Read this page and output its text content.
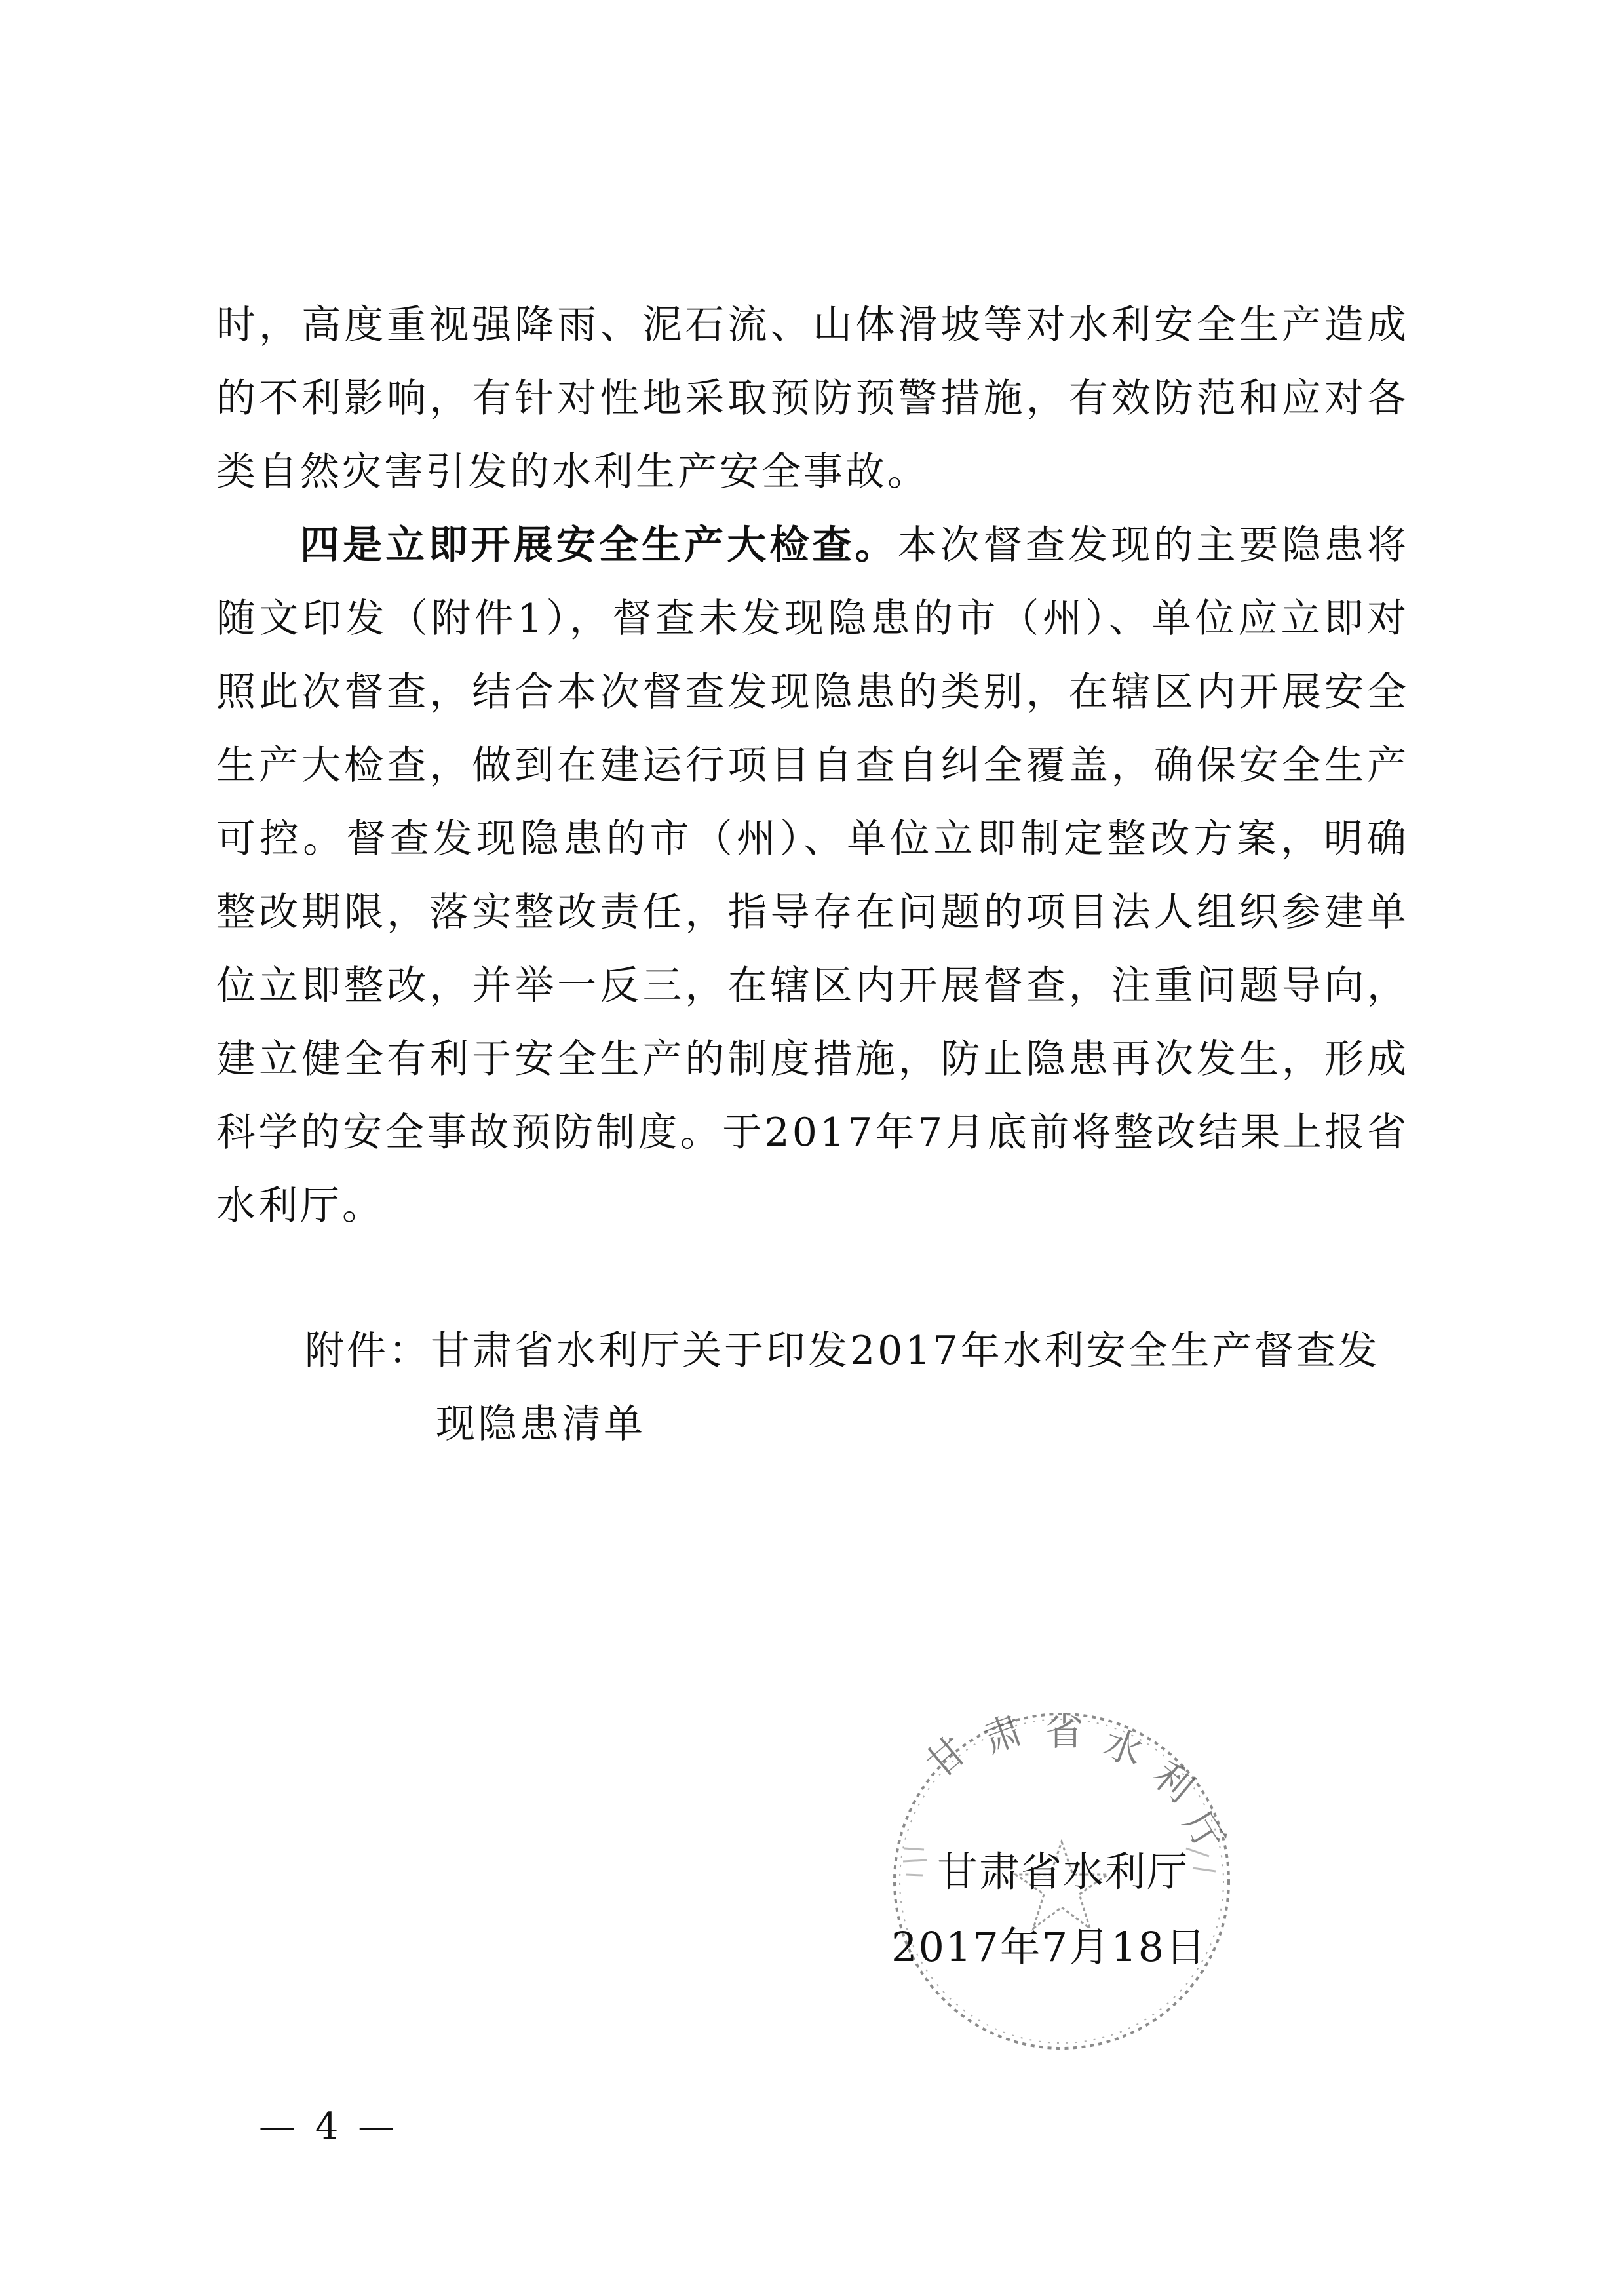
时，高度重视强降雨、泥石流、山体滑坡等对水利安全生产造成的不利影响，有针对性地采取预防预警措施，有效防范和应对各类自然灾害引发的水利生产安全事故。

四是立即开展安全生产大检查。本次督查发现的主要隐患将随文印发（附件1），督查未发现隐患的市（州）、单位应立即对照此次督查，结合本次督查发现隐患的类别，在辖区内开展安全生产大检查，做到在建运行项目自查自纠全覆盖，确保安全生产可控。督查发现隐患的市（州）、单位立即制定整改方案，明确整改期限，落实整改责任，指导存在问题的项目法人组织参建单位立即整改，并举一反三，在辖区内开展督查，注重问题导向，建立健全有利于安全生产的制度措施，防止隐患再次发生，形成科学的安全事故预防制度。于2017年7月底前将整改结果上报省水利厅。

附件：甘肃省水利厅关于印发2017年水利安全生产督查发
现隐患清单
甘 肃 省 水
利
厅
甘肃省水利厅
2017年7月18日
— 4 —
